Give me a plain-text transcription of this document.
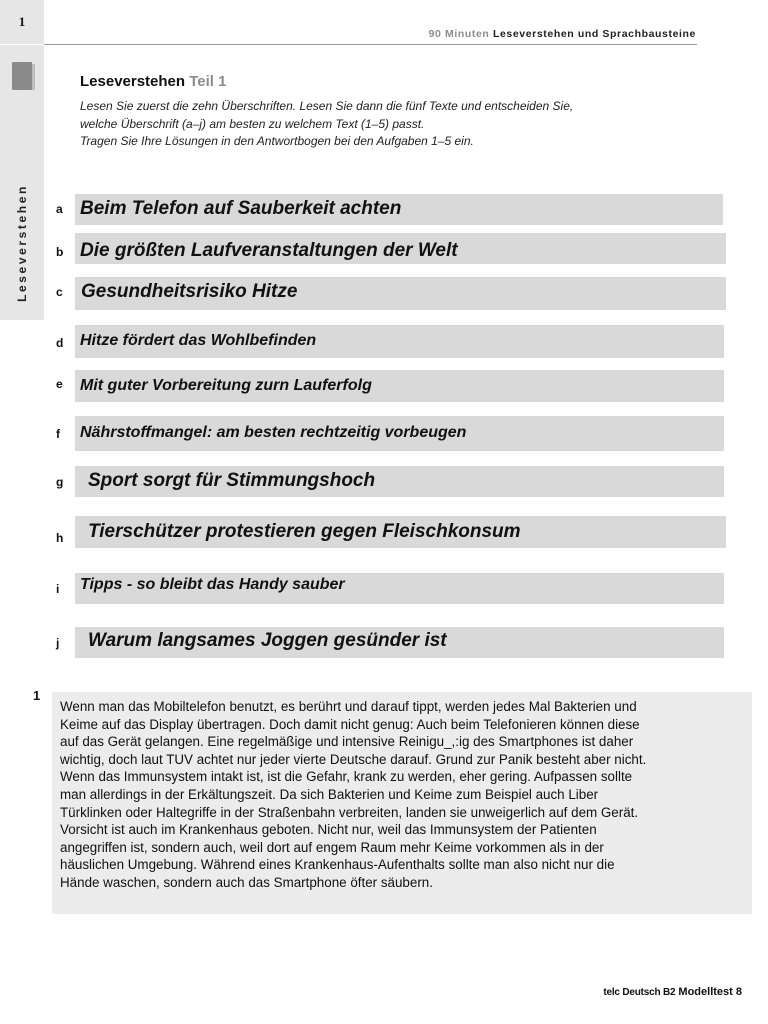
1
Leseverstehen
90 Minuten Leseverstehen und Sprachbausteine
Leseverstehen Teil 1
Lesen Sie zuerst die zehn Überschriften. Lesen Sie dann die fünf Texte und entscheiden Sie,
welche Überschrift (a–j) am besten zu welchem Text (1–5) passt.
Tragen Sie Ihre Lösungen in den Antwortbogen bei den Aufgaben 1–5 ein.
a Beim Telefon auf Sauberkeit achten
b Die größten Laufveranstaltungen der Welt
c Gesundheitsrisiko Hitze
d	Hitze fördert das Wohlbefinden
e	Mit guter Vorbereitung zurn Lauferfolg
f	Nährstoffmangel: am besten rechtzeitig vorbeugen
g	Sport sorgt für Stimmungshoch
h	Tierschützer protestieren gegen Fleischkonsum
i	Tipps - so bleibt das Handy sauber
j	Warum langsames Joggen gesünder ist
1
Wenn man das Mobiltelefon benutzt, es berührt und darauf tippt, werden jedes Mal Bakterien und
Keime auf das Display übertragen. Doch damit nicht genug: Auch beim Telefonieren können diese
auf das Gerät gelangen. Eine regelmäßige und intensive Reinigu_,:ig des Smartphones ist daher
wichtig, doch laut TUV achtet nur jeder vierte Deutsche darauf. Grund zur Panik besteht aber nicht.
Wenn das Immunsystem intakt ist, ist die Gefahr, krank zu werden, eher gering. Aufpassen sollte
man allerdings in der Erkältungszeit. Da sich Bakterien und Keime zum Beispiel auch Liber
Türklinken oder Haltegriffe in der Straßenbahn verbreiten, landen sie unweigerlich auf dem Gerät.
Vorsicht ist auch im Krankenhaus geboten. Nicht nur, weil das Immunsystem der Patienten
angegriffen ist, sondern auch, weil dort auf engem Raum mehr Keime vorkommen als in der
häuslichen Umgebung. Während eines Krankenhaus-Aufenthalts sollte man also nicht nur die
Hände waschen, sondern auch das Smartphone öfter säubern.
telc Deutsch B2 Modelltest 8
